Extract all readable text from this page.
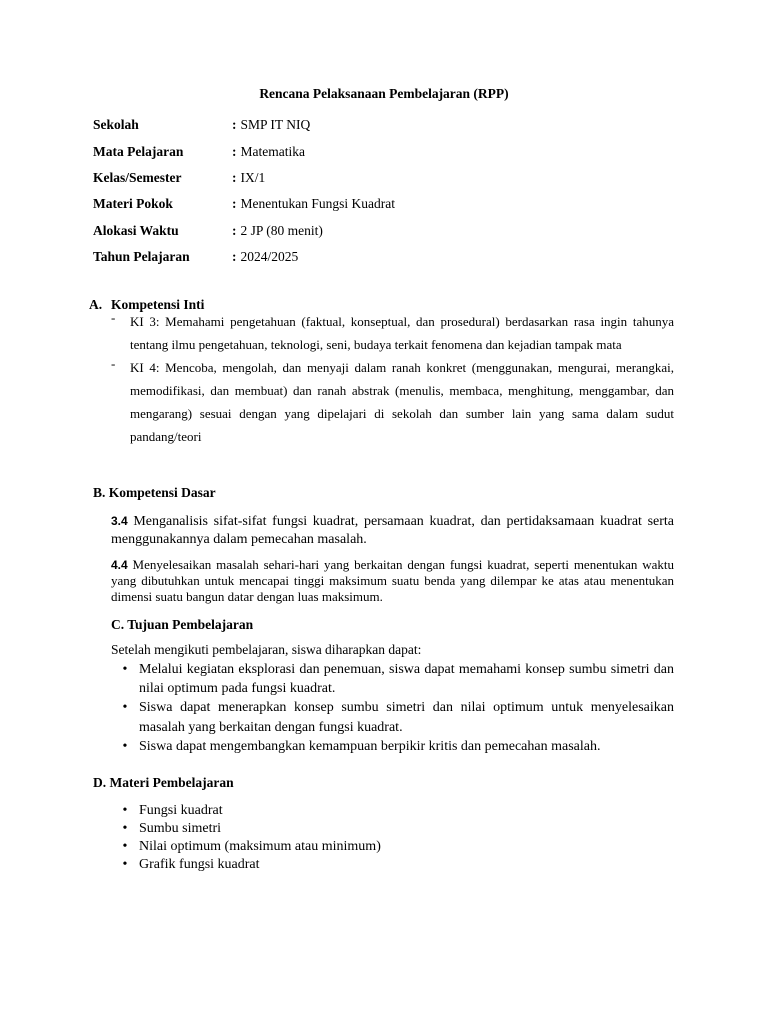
Rencana Pelaksanaan Pembelajaran (RPP)
Sekolah	: SMP IT NIQ
Mata Pelajaran	: Matematika
Kelas/Semester	: IX/1
Materi Pokok	: Menentukan Fungsi Kuadrat
Alokasi Waktu	: 2 JP (80 menit)
Tahun Pelajaran	: 2024/2025
A. Kompetensi Inti
-	KI 3: Memahami pengetahuan (faktual, konseptual, dan prosedural) berdasarkan rasa ingin tahunya tentang ilmu pengetahuan, teknologi, seni, budaya terkait fenomena dan kejadian tampak mata
-	KI 4: Mencoba, mengolah, dan menyaji dalam ranah konkret (menggunakan, mengurai, merangkai, memodifikasi, dan membuat) dan ranah abstrak (menulis, membaca, menghitung, menggambar, dan mengarang) sesuai dengan yang dipelajari di sekolah dan sumber lain yang sama dalam sudut pandang/teori
B. Kompetensi Dasar
3.4 Menganalisis sifat-sifat fungsi kuadrat, persamaan kuadrat, dan pertidaksamaan kuadrat serta menggunakannya dalam pemecahan masalah.
4.4 Menyelesaikan masalah sehari-hari yang berkaitan dengan fungsi kuadrat, seperti menentukan waktu yang dibutuhkan untuk mencapai tinggi maksimum suatu benda yang dilempar ke atas atau menentukan dimensi suatu bangun datar dengan luas maksimum.
C. Tujuan Pembelajaran
Setelah mengikuti pembelajaran, siswa diharapkan dapat:
• Melalui kegiatan eksplorasi dan penemuan, siswa dapat memahami konsep sumbu simetri dan nilai optimum pada fungsi kuadrat.
• Siswa dapat menerapkan konsep sumbu simetri dan nilai optimum untuk menyelesaikan masalah yang berkaitan dengan fungsi kuadrat.
• Siswa dapat mengembangkan kemampuan berpikir kritis dan pemecahan masalah.
D. Materi Pembelajaran
• Fungsi kuadrat
• Sumbu simetri
• Nilai optimum (maksimum atau minimum)
• Grafik fungsi kuadrat
